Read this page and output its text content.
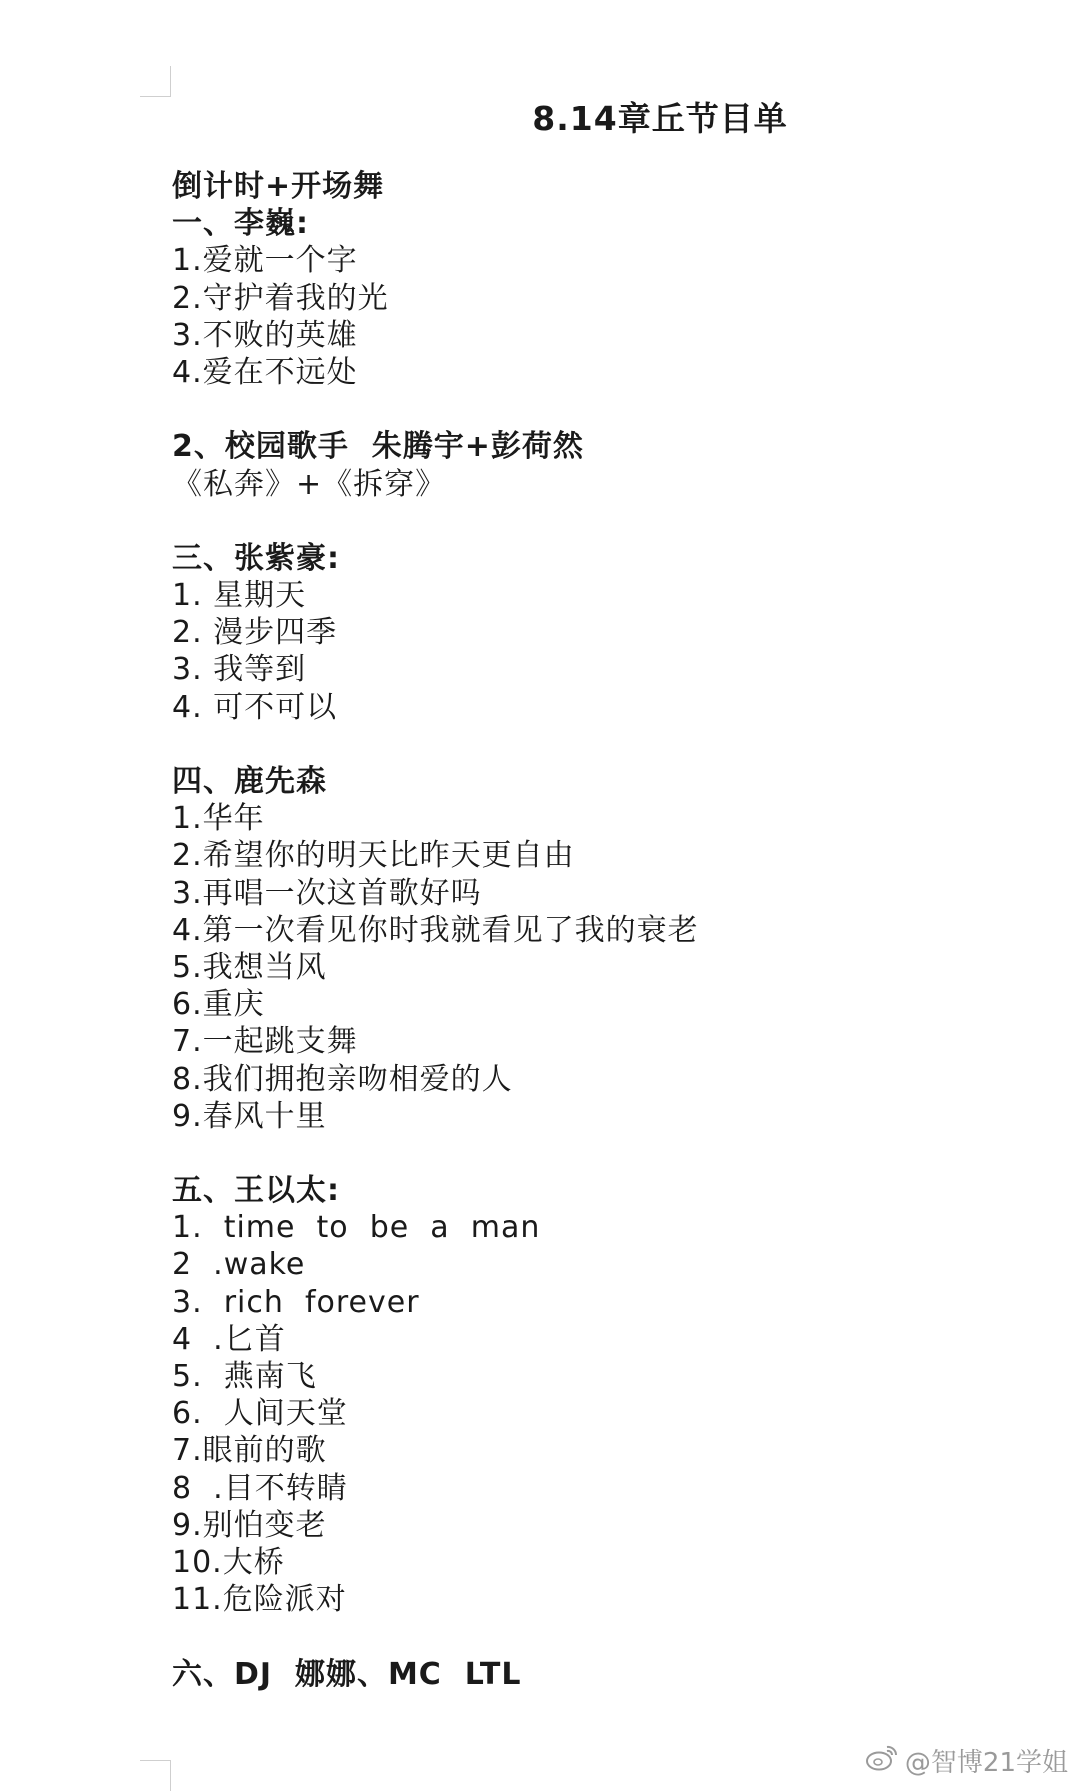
8.14章丘节目单
倒计时+开场舞
一、李巍:
1.爱就一个字
2.守护着我的光
3.不败的英雄
4.爱在不远处
2、校园歌手  朱腾宇+彭荷然
《私奔》+《拆穿》
三、张紫豪:
1. 星期天
2. 漫步四季
3. 我等到
4. 可不可以
四、鹿先森
1.华年
2.希望你的明天比昨天更自由
3.再唱一次这首歌好吗
4.第一次看见你时我就看见了我的衰老
5.我想当风
6.重庆
7.一起跳支舞
8.我们拥抱亲吻相爱的人
9.春风十里
五、王以太:
1.  time  to  be  a  man
2  .wake
3.  rich  forever
4  .匕首
5.  燕南飞
6.  人间天堂
7.眼前的歌
8  .目不转睛
9.别怕变老
10.大桥
11.危险派对
六、DJ  娜娜、MC  LTL
@智博21学姐
